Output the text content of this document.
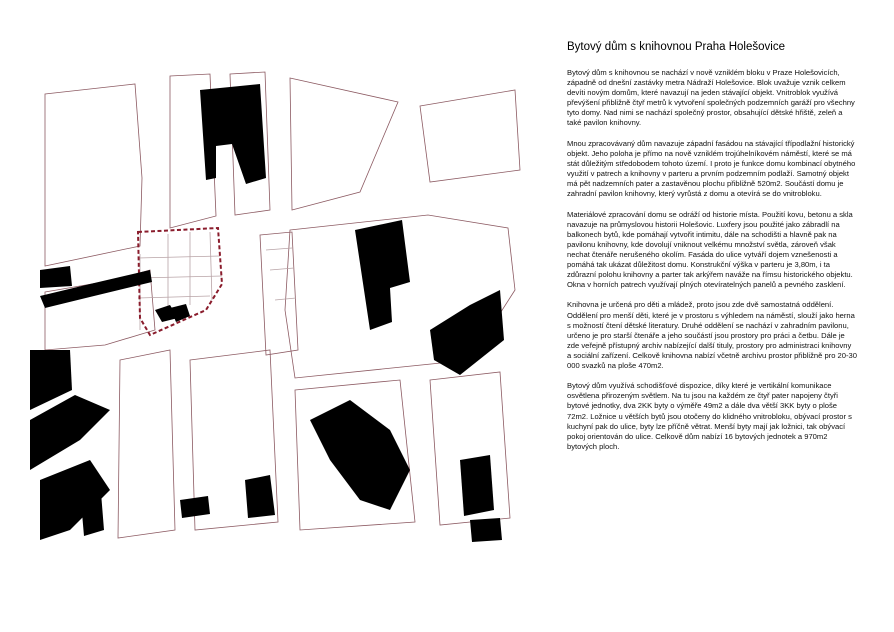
Bytový dům s knihovnou Praha Holešovice

Bytový dům s knihovnou se nachází v nově vzniklém bloku v Praze Holešovicích, západně od dnešní zastávky metra Nádraží Holešovice. Blok uvažuje vznik celkem devíti novým domům, které navazují na jeden stávající objekt. Vnitroblok využívá převýšení přibližně čtyř metrů k vytvoření společných podzemních garáží pro všechny tyto domy. Nad nimi se nachází společný prostor, obsahující dětské hřiště, zeleň a také pavilon knihovny.

Mnou zpracovávaný dům navazuje západní fasádou na stávající třípodlažní historický objekt. Jeho poloha je přímo na nově vzniklém trojúhelníkovém náměstí, které se má stát důležitým středobodem tohoto území. I proto je funkce domu kombinací obytného využití v patrech a knihovny v parteru a prvním podzemním podlaží. Samotný objekt má pět nadzemních pater a zastavěnou plochu přibližně 520m2. Součástí domu je zahradní pavilon knihovny, který vyrůstá z domu a otevírá se do vnitrobloku.

Materiálové zpracování domu se odráží od historie místa. Použití kovu, betonu a skla navazuje na průmyslovou historii Holešovic. Luxfery jsou použité jako zábradlí na balkonech bytů, kde pomáhají vytvořit intimitu, dále na schodišti a hlavně pak na pavilonu knihovny, kde dovolují vniknout velkému množství světla, zároveň však nechat čtenáře nerušeného okolím. Fasáda do ulice vytváří dojem vznešenosti a pomáhá tak ukázat důležitost domu. Konstrukční výška v parteru je 3,80m, i ta zdůrazní polohu knihovny a parter tak arkýřem naváže na římsu historického objektu. Okna v horních patrech využívají plných otevíratelných panelů a pevného zasklení.

Knihovna je určená pro děti a mládež, proto jsou zde dvě samostatná oddělení. Oddělení pro menší děti, které je v prostoru s výhledem na náměstí, slouží jako herna s možností čtení dětské literatury. Druhé oddělení se nachází v zahradním pavilonu, určeno je pro starší čtenáře a jeho součástí jsou prostory pro práci a četbu. Dále je zde veřejně přístupný archiv nabízející další tituly, prostory pro administraci knihovny a sociální zařízení. Celkově knihovna nabízí včetně archivu prostor přibližně pro 20-30 000 svazků na ploše 470m2.

Bytový dům využívá schodišťové dispozice, díky které je vertikální komunikace osvětlena přirozeným světlem. Na tu jsou na každém ze čtyř pater napojeny čtyři bytové jednotky, dva 2KK byty o výměře 49m2 a dále dva větší 3KK byty o ploše 72m2. Ložnice u větších bytů jsou otočeny do klidného vnitrobloku, obývací prostor s kuchyní pak do ulice, byty lze příčně větrat. Menší byty mají jak ložnici, tak obývací pokoj orientován do ulice. Celkově dům nabízí 16 bytových jednotek a 970m2 bytových ploch.
